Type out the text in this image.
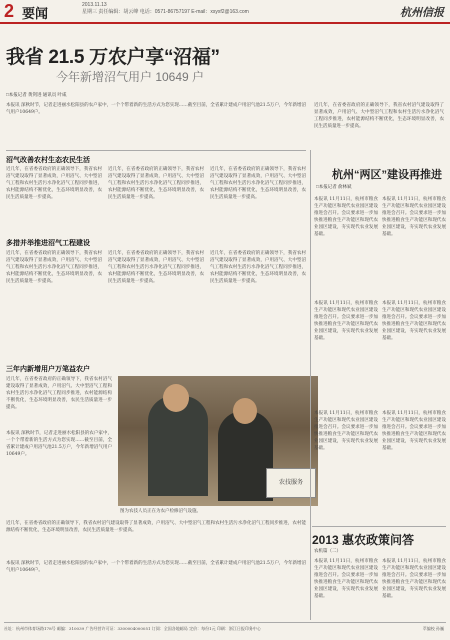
2 要闻
2013.11.13
星期三 责任编辑：胡云峰 电话：0571-86757197 E-mail：xsyxf2@163.com	杭州信报
我省 21.5 万农户享“沼福”
今年新增沼气用户 10649 户
□本报记者 黄剑进 通讯员 叶咸
本报讯 深秋时节，记者走进丽水松阳县的农户家中，一个个带着新的生活方式为您实现……截至目前，全省累计建成户用沼气池21.5万户，今年新增沼气用户10649户。
沼气改善农村生态农民生活
近几年，在省委省政府的正确领导下，我省农村沼气建设取得了显著成效，户用沼气、大中型沼气工程和农村生活污水净化沼气工程同步推进，农村能源结构不断优化，生态环境明显改善，农民生活质量进一步提高。
近几年，在省委省政府的正确领导下，我省农村沼气建设取得了显著成效，户用沼气、大中型沼气工程和农村生活污水净化沼气工程同步推进，农村能源结构不断优化，生态环境明显改善，农民生活质量进一步提高。
近几年，在省委省政府的正确领导下，我省农村沼气建设取得了显著成效，户用沼气、大中型沼气工程和农村生活污水净化沼气工程同步推进，农村能源结构不断优化，生态环境明显改善，农民生活质量进一步提高。
多措并举推进沼气工程建设
近几年，在省委省政府的正确领导下，我省农村沼气建设取得了显著成效，户用沼气、大中型沼气工程和农村生活污水净化沼气工程同步推进，农村能源结构不断优化，生态环境明显改善，农民生活质量进一步提高。
近几年，在省委省政府的正确领导下，我省农村沼气建设取得了显著成效，户用沼气、大中型沼气工程和农村生活污水净化沼气工程同步推进，农村能源结构不断优化，生态环境明显改善，农民生活质量进一步提高。
近几年，在省委省政府的正确领导下，我省农村沼气建设取得了显著成效，户用沼气、大中型沼气工程和农村生活污水净化沼气工程同步推进，农村能源结构不断优化，生态环境明显改善，农民生活质量进一步提高。
三年内新增用户万笔益农户
近几年，在省委省政府的正确领导下，我省农村沼气建设取得了显著成效，户用沼气、大中型沼气工程和农村生活污水净化沼气工程同步推进，农村能源结构不断优化，生态环境明显改善，农民生活质量进一步提高。
本报讯 深秋时节，记者走进丽水松阳县的农户家中，一个个带着新的生活方式为您实现……截至目前，全省累计建成户用沼气池21.5万户，今年新增沼气用户10649户。
农技服务
图为农技人员正在为农户检修沼气设施。
近几年，在省委省政府的正确领导下，我省农村沼气建设取得了显著成效，户用沼气、大中型沼气工程和农村生活污水净化沼气工程同步推进，农村能源结构不断优化，生态环境明显改善，农民生活质量进一步提高。
本报讯 深秋时节，记者走进丽水松阳县的农户家中，一个个带着新的生活方式为您实现……截至目前，全省累计建成户用沼气池21.5万户，今年新增沼气用户10649户。
近几年，在省委省政府的正确领导下，我省农村沼气建设取得了显著成效，户用沼气、大中型沼气工程和农村生活污水净化沼气工程同步推进，农村能源结构不断优化，生态环境明显改善，农民生活质量进一步提高。
杭州“两区”建设再推进
□本报记者 俞林斌
本报讯 11月11日，杭州市粮食生产功能区和现代农业园区建设推进会召开。会议要求进一步加快推进粮食生产功能区和现代农业园区建设，夯实现代农业发展基础。
本报讯 11月11日，杭州市粮食生产功能区和现代农业园区建设推进会召开。会议要求进一步加快推进粮食生产功能区和现代农业园区建设，夯实现代农业发展基础。
本报讯 11月11日，杭州市粮食生产功能区和现代农业园区建设推进会召开。会议要求进一步加快推进粮食生产功能区和现代农业园区建设，夯实现代农业发展基础。
本报讯 11月11日，杭州市粮食生产功能区和现代农业园区建设推进会召开。会议要求进一步加快推进粮食生产功能区和现代农业园区建设，夯实现代农业发展基础。
本报讯 11月11日，杭州市粮食生产功能区和现代农业园区建设推进会召开。会议要求进一步加快推进粮食生产功能区和现代农业园区建设，夯实现代农业发展基础。
本报讯 11月11日，杭州市粮食生产功能区和现代农业园区建设推进会召开。会议要求进一步加快推进粮食生产功能区和现代农业园区建设，夯实现代农业发展基础。
2013 惠农政策问答
农机篇（二）
本报讯 11月11日，杭州市粮食生产功能区和现代农业园区建设推进会召开。会议要求进一步加快推进粮食生产功能区和现代农业园区建设，夯实现代农业发展基础。
本报讯 11月11日，杭州市粮食生产功能区和现代农业园区建设推进会召开。会议要求进一步加快推进粮食生产功能区和现代农业园区建设，夯实现代农业发展基础。
社址：杭州市体育场路178号 邮编：310039 广告经营许可证：3300004000051 订阅：全国各地邮局 定价：每份1元 印刷：浙江日报印务中心	萃编校 孙巍
